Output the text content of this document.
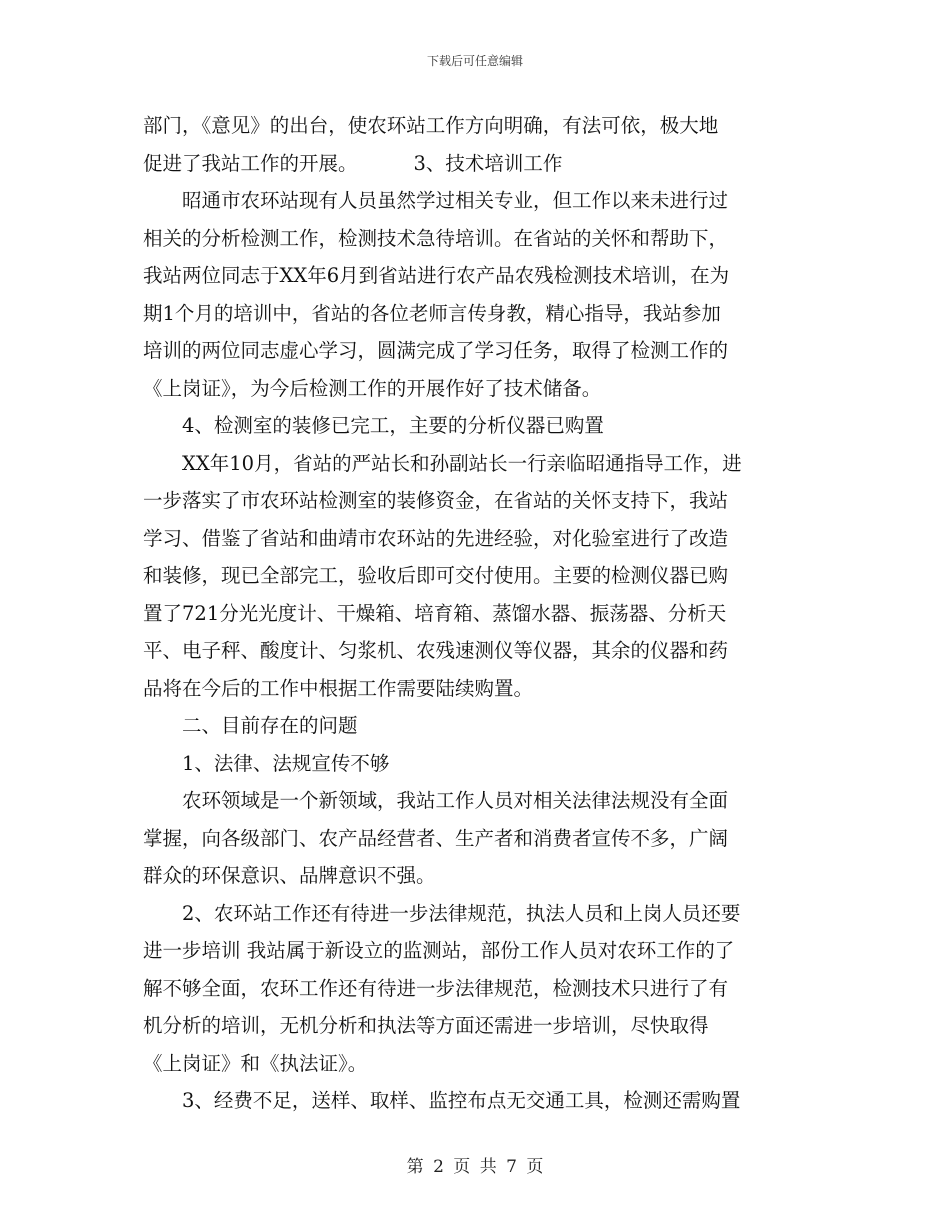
下载后可任意编辑
部门，《意见》的出台，使农环站工作方向明确，有法可依，极大地
促进了我站工作的开展。	3、技术培训工作
　　昭通市农环站现有人员虽然学过相关专业，但工作以来未进行过
相关的分析检测工作，检测技术急待培训。在省站的关怀和帮助下，
我站两位同志于XX年6月到省站进行农产品农残检测技术培训，在为
期1个月的培训中，省站的各位老师言传身教，精心指导，我站参加
培训的两位同志虚心学习，圆满完成了学习任务，取得了检测工作的
《上岗证》，为今后检测工作的开展作好了技术储备。
　　4、检测室的装修已完工，主要的分析仪器已购置
　　XX年10月，省站的严站长和孙副站长一行亲临昭通指导工作，进
一步落实了市农环站检测室的装修资金，在省站的关怀支持下，我站
学习、借鉴了省站和曲靖市农环站的先进经验，对化验室进行了改造
和装修，现已全部完工，验收后即可交付使用。主要的检测仪器已购
置了721分光光度计、干燥箱、培育箱、蒸馏水器、振荡器、分析天
平、电子秤、酸度计、匀浆机、农残速测仪等仪器，其余的仪器和药
品将在今后的工作中根据工作需要陆续购置。
　　二、目前存在的问题
　　1、法律、法规宣传不够
　　农环领域是一个新领域，我站工作人员对相关法律法规没有全面
掌握，向各级部门、农产品经营者、生产者和消费者宣传不多，广阔
群众的环保意识、品牌意识不强。
　　2、农环站工作还有待进一步法律规范，执法人员和上岗人员还要
进一步培训 我站属于新设立的监测站，部份工作人员对农环工作的了
解不够全面，农环工作还有待进一步法律规范，检测技术只进行了有
机分析的培训，无机分析和执法等方面还需进一步培训，尽快取得
《上岗证》和《执法证》。
　　3、经费不足，送样、取样、监控布点无交通工具，检测还需购置
第 2 页 共 7 页
